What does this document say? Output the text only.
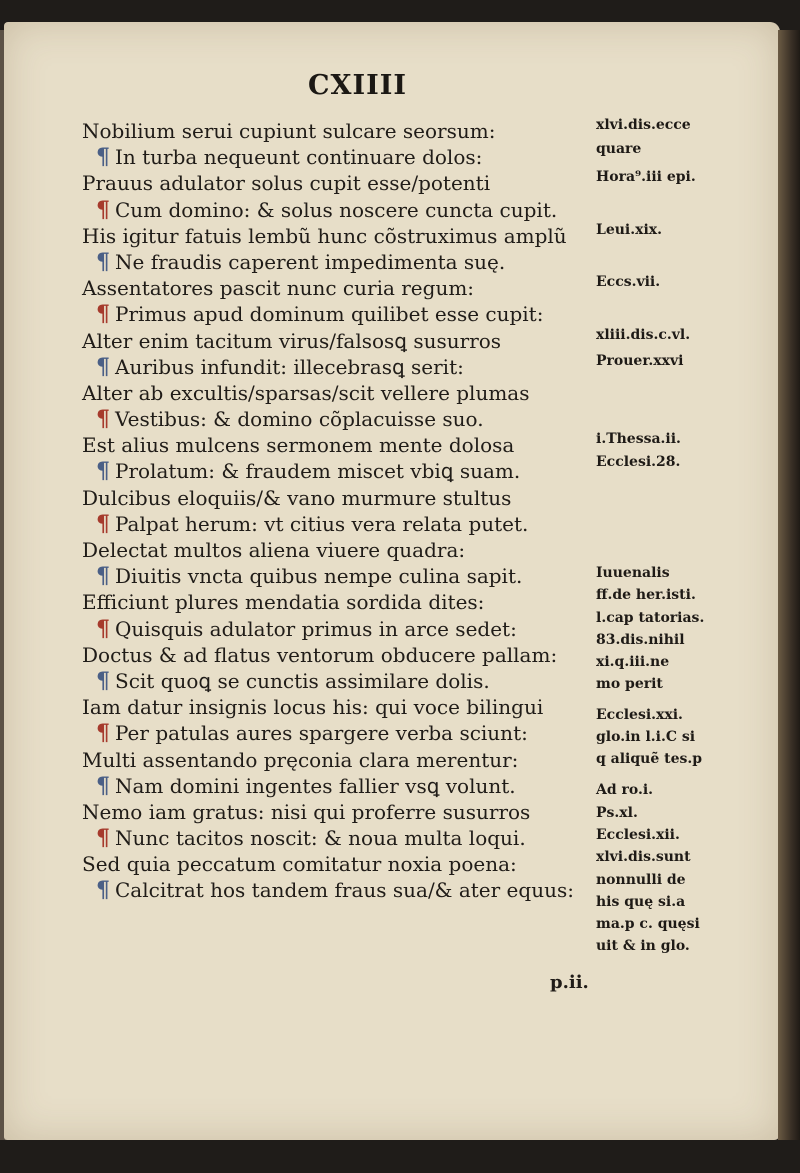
CXIIII
Nobilium serui cupiunt sulcare seorsum:
¶ In turba nequeunt continuare dolos:
Prauus adulator solus cupit esse/potenti
¶ Cum domino: & solus noscere cuncta cupit.
His igitur fatuis lembũ hunc cõstruximus amplũ
¶ Ne fraudis caperent impedimenta suę.
Assentatores pascit nunc curia regum:
¶ Primus apud dominum quilibet esse cupit:
Alter enim tacitum virus/falsosꝗ susurros
¶ Auribus infundit: illecebrasꝗ serit:
Alter ab excultis/sparsas/scit vellere plumas
¶ Vestibus: & domino cõplacuisse suo.
Est alius mulcens sermonem mente dolosa
¶ Prolatum: & fraudem miscet vbiꝗ suam.
Dulcibus eloquiis/& vano murmure stultus
¶ Palpat herum: vt citius vera relata putet.
Delectat multos aliena viuere quadra:
¶ Diuitis vncta quibus nempe culina sapit.
Efficiunt plures mendatia sordida dites:
¶ Quisquis adulator primus in arce sedet:
Doctus & ad flatus ventorum obducere pallam:
¶ Scit quoꝗ se cunctis assimilare dolis.
Iam datur insignis locus his: qui voce bilingui
¶ Per patulas aures spargere verba sciunt:
Multi assentando pręconia clara merentur:
¶ Nam domini ingentes fallier vsꝗ volunt.
Nemo iam gratus: nisi qui proferre susurros
¶ Nunc tacitos noscit: & noua multa loqui.
Sed quia peccatum comitatur noxia poena:
¶ Calcitrat hos tandem fraus sua/& ater equus:
xlvi.dis.ecce
quare
Hora⁹.iii epi.
Leui.xix.
Eccs.vii.
xliii.dis.c.vl.
Prouer.xxvi
i.Thessa.ii.
Ecclesi.28.
Iuuenalis
ff.de her.isti.
l.cap tatorias.
83.dis.nihil
xi.q.iii.ne
mo perit
Ecclesi.xxi.
glo.in l.i.C si
q aliquẽ tes.p
Ad ro.i.
Ps.xl.
Ecclesi.xii.
xlvi.dis.sunt
nonnulli de
his quę si.a
ma.p c. quęsi
uit & in glo.
p.ii.
